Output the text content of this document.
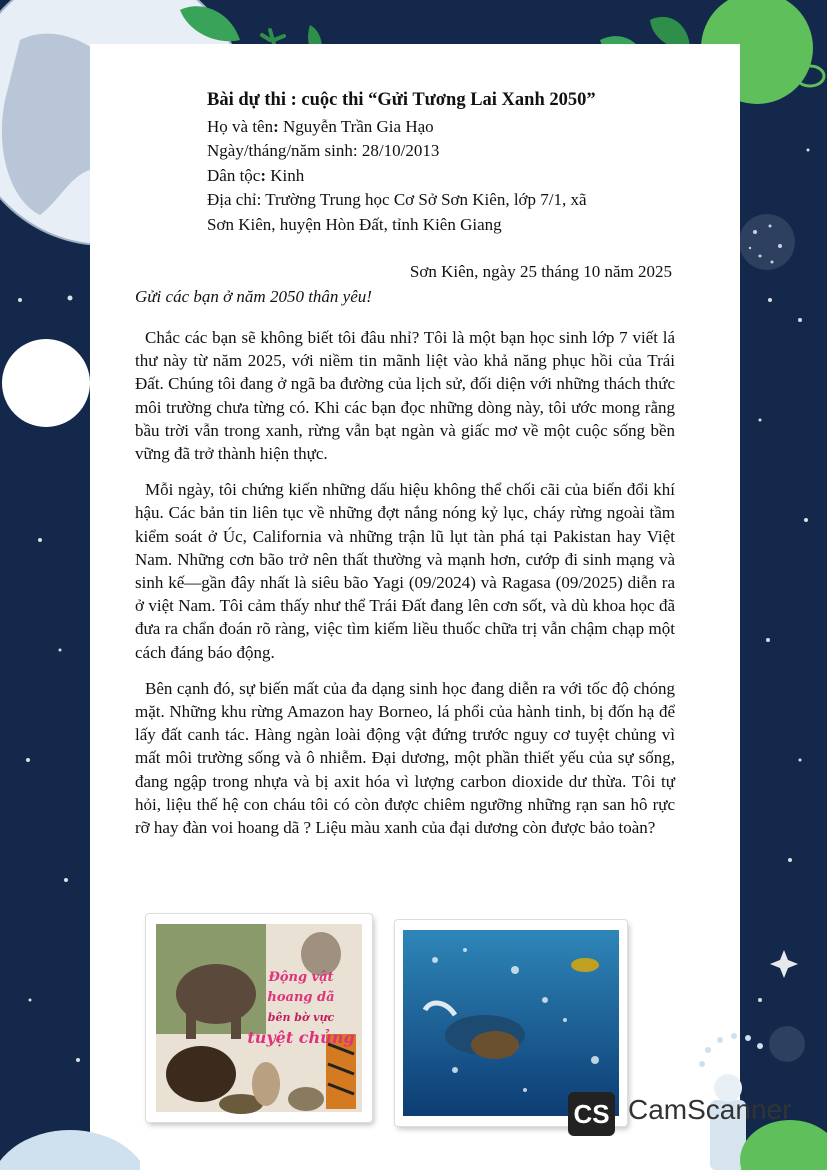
Bài dự thi : cuộc thi “Gửi Tương Lai Xanh 2050”
Họ và tên: Nguyễn Trần Gia Hạo
Ngày/tháng/năm sinh: 28/10/2013
Dân tộc: Kinh
Địa chỉ: Trường Trung học Cơ Sở Sơn Kiên, lớp 7/1, xã
Sơn Kiên, huyện Hòn Đất, tỉnh Kiên Giang
Sơn Kiên, ngày 25 tháng 10 năm 2025
Gửi các bạn ở năm 2050 thân yêu!

Chắc các bạn sẽ không biết tôi đâu nhỉ? Tôi là một bạn học sinh lớp 7 viết lá thư này từ năm 2025, với niềm tin mãnh liệt vào khả năng phục hồi của Trái Đất. Chúng tôi đang ở ngã ba đường của lịch sử, đối diện với những thách thức môi trường chưa từng có. Khi các bạn đọc những dòng này, tôi ước mong rằng bầu trời vẫn trong xanh, rừng vẫn bạt ngàn và giấc mơ về một cuộc sống bền vững đã trở thành hiện thực.

Mỗi ngày, tôi chứng kiến những dấu hiệu không thể chối cãi của biến đổi khí hậu. Các bản tin liên tục về những đợt nắng nóng kỷ lục, cháy rừng ngoài tầm kiểm soát ở Úc, California và những trận lũ lụt tàn phá tại Pakistan hay Việt Nam. Những cơn bão trở nên thất thường và mạnh hơn, cướp đi sinh mạng và sinh kế—gần đây nhất là siêu bão Yagi (09/2024) và Ragasa (09/2025) diễn ra ở việt Nam. Tôi cảm thấy như thể Trái Đất đang lên cơn sốt, và dù khoa học đã đưa ra chẩn đoán rõ ràng, việc tìm kiếm liều thuốc chữa trị vẫn chậm chạp một cách đáng báo động.

Bên cạnh đó, sự biến mất của đa dạng sinh học đang diễn ra với tốc độ chóng mặt. Những khu rừng Amazon hay Borneo, lá phổi của hành tinh, bị đốn hạ để lấy đất canh tác. Hàng ngàn loài động vật đứng trước nguy cơ tuyệt chủng vì mất môi trường sống và ô nhiễm. Đại dương, một phần thiết yếu của sự sống, đang ngập trong nhựa và bị axit hóa vì lượng carbon dioxide dư thừa. Tôi tự hỏi, liệu thế hệ con cháu tôi có còn được chiêm ngưỡng những rạn san hô rực rỡ hay đàn voi hoang dã ? Liệu màu xanh của đại dương còn được bảo toàn?

Động vật hoang dã
bên bờ vực
tuyệt chủng
CS CamScanner
